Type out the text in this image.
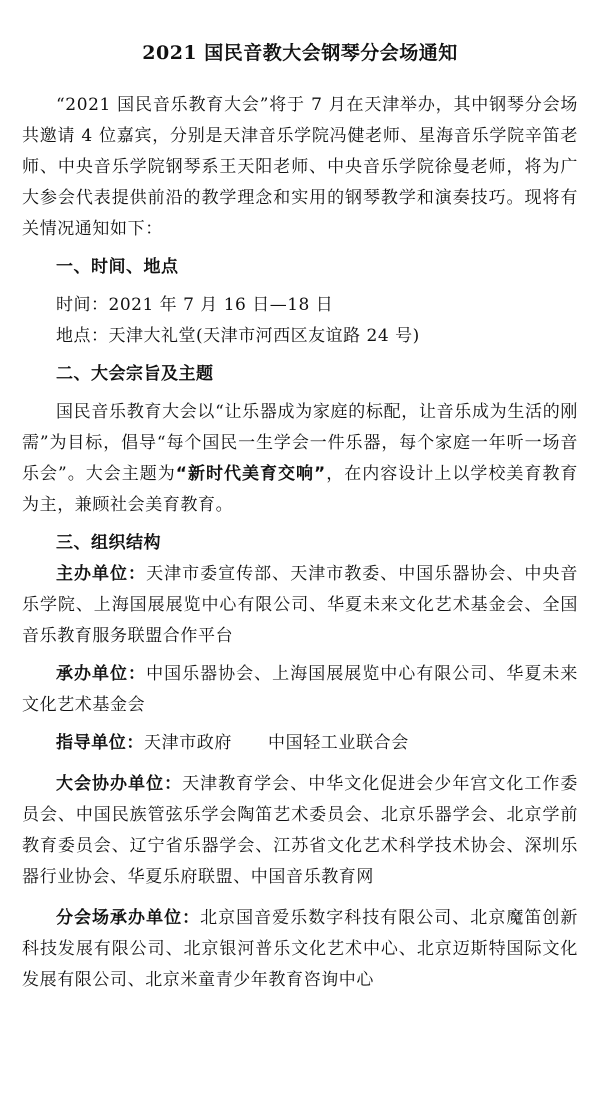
2021 国民音教大会钢琴分会场通知

“2021 国民音乐教育大会”将于 7 月在天津举办，其中钢琴分会场共邀请 4 位嘉宾，分别是天津音乐学院冯健老师、星海音乐学院辛笛老师、中央音乐学院钢琴系王天阳老师、中央音乐学院徐曼老师，将为广大参会代表提供前沿的教学理念和实用的钢琴教学和演奏技巧。现将有关情况通知如下：

一、时间、地点

时间：2021 年 7 月 16 日—18 日

地点：天津大礼堂(天津市河西区友谊路 24 号)

二、大会宗旨及主题

国民音乐教育大会以“让乐器成为家庭的标配，让音乐成为生活的刚需”为目标，倡导“每个国民一生学会一件乐器，每个家庭一年听一场音乐会”。大会主题为“新时代美育交响”，在内容设计上以学校美育教育为主，兼顾社会美育教育。

三、组织结构

主办单位：天津市委宣传部、天津市教委、中国乐器协会、中央音乐学院、上海国展展览中心有限公司、华夏未来文化艺术基金会、全国音乐教育服务联盟合作平台

承办单位：中国乐器协会、上海国展展览中心有限公司、华夏未来文化艺术基金会

指导单位：天津市政府 中国轻工业联合会

大会协办单位：天津教育学会、中华文化促进会少年宫文化工作委员会、中国民族管弦乐学会陶笛艺术委员会、北京乐器学会、北京学前教育委员会、辽宁省乐器学会、江苏省文化艺术科学技术协会、深圳乐器行业协会、华夏乐府联盟、中国音乐教育网

分会场承办单位：北京国音爱乐数字科技有限公司、北京魔笛创新科技发展有限公司、北京银河普乐文化艺术中心、北京迈斯特国际文化发展有限公司、北京米童青少年教育咨询中心
